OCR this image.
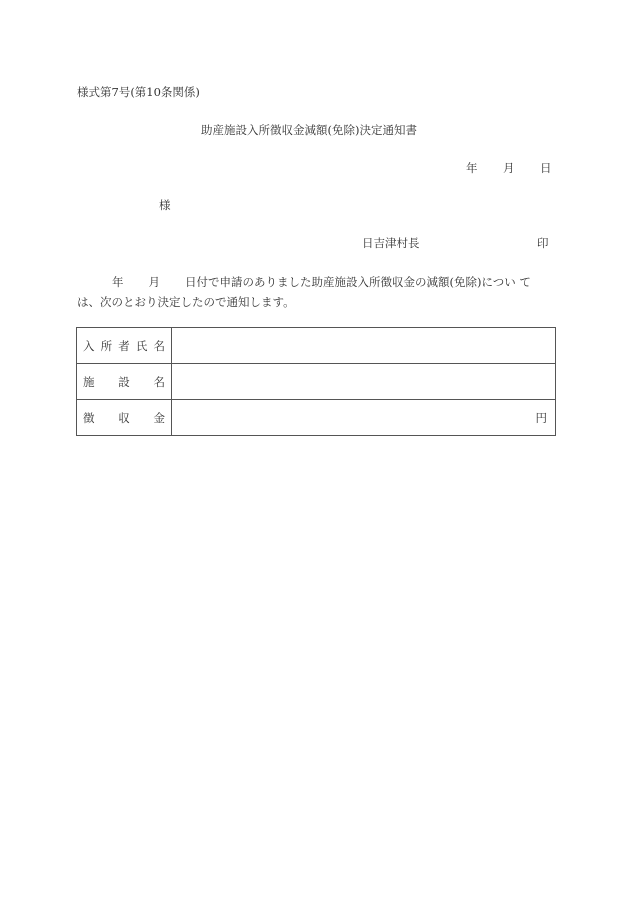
様式第7号(第10条関係)
助産施設入所徴収金減額(免除)決定通知書
年 月 日
様
日吉津村長	印
年 月 日付で申請のありました助産施設入所徴収金の減額(免除)につい て
は、次のとおり決定したので通知します。
入 所 者 氏 名	

施 設 名	

徴 収 金	円
